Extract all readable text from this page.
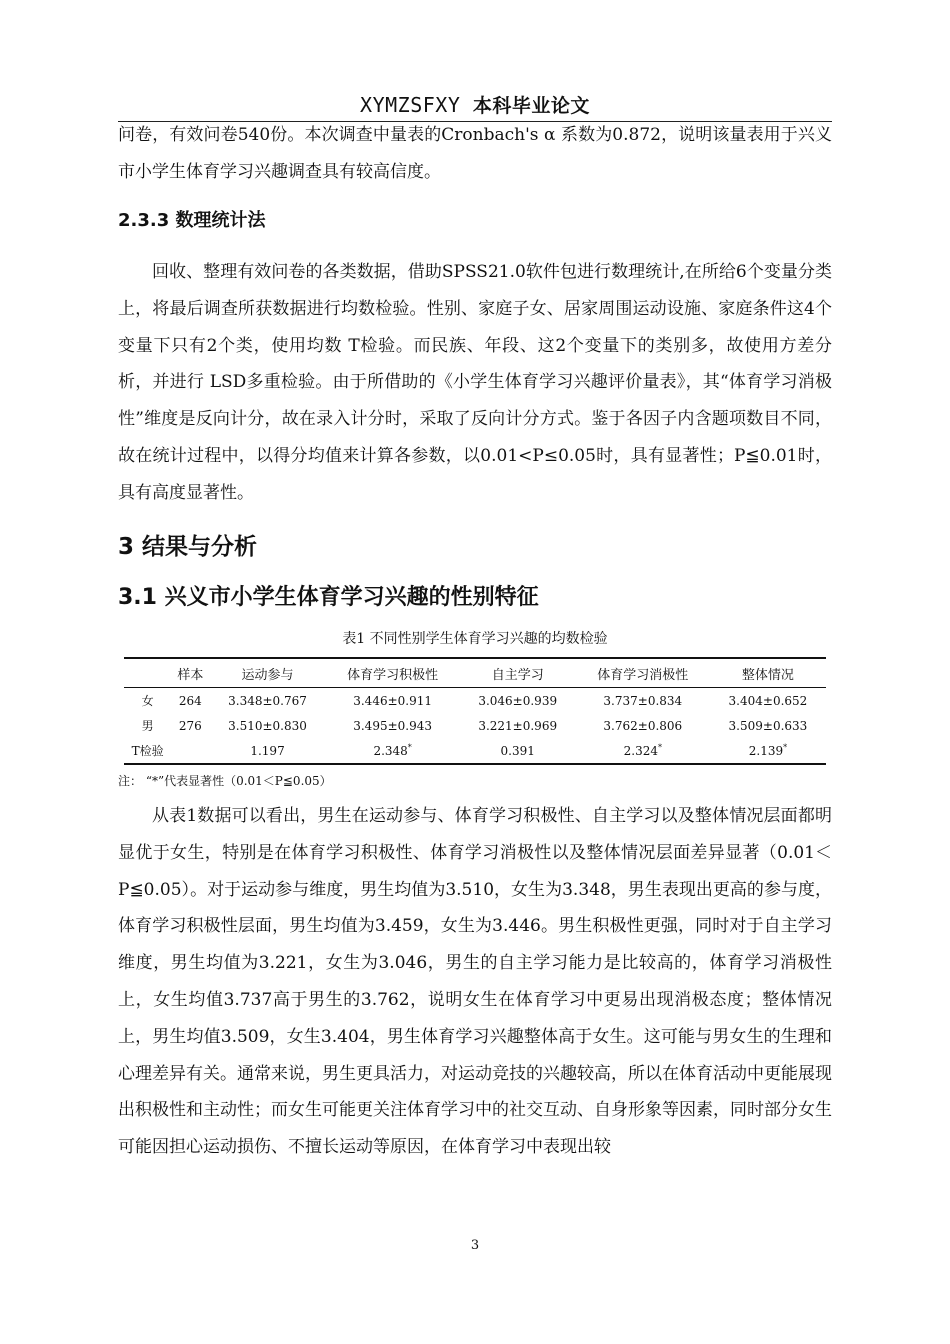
XYMZSFXY 本科毕业论文

问卷，有效问卷540份。本次调查中量表的Cronbach's α 系数为0.872，说明该量表用于兴义市小学生体育学习兴趣调查具有较高信度。

2.3.3 数理统计法

回收、整理有效问卷的各类数据，借助SPSS21.0软件包进行数理统计,在所给6个变量分类上，将最后调查所获数据进行均数检验。性别、家庭子女、居家周围运动设施、家庭条件这4个变量下只有2个类，使用均数 T检验。而民族、年段、这2个变量下的类别多，故使用方差分析，并进行 LSD多重检验。由于所借助的《小学生体育学习兴趣评价量表》，其“体育学习消极性”维度是反向计分，故在录入计分时，采取了反向计分方式。鉴于各因子内含题项数目不同，故在统计过程中，以得分均值来计算各参数，以0.01<P≤0.05时，具有显著性；P≦0.01时，具有高度显著性。

3 结果与分析
3.1 兴义市小学生体育学习兴趣的性别特征

表1 不同性别学生体育学习兴趣的均数检验

	样本	运动参与	体育学习积极性	自主学习	体育学习消极性	整体情况
女	264	3.348±0.767	3.446±0.911	3.046±0.939	3.737±0.834	3.404±0.652
男	276	3.510±0.830	3.495±0.943	3.221±0.969	3.762±0.806	3.509±0.633
T检验		1.197	2.348*	0.391	2.324*	2.139*

注： “*”代表显著性（0.01＜P≦0.05）

从表1数据可以看出，男生在运动参与、体育学习积极性、自主学习以及整体情况层面都明显优于女生，特别是在体育学习积极性、体育学习消极性以及整体情况层面差异显著（0.01＜P≦0.05）。对于运动参与维度，男生均值为3.510，女生为3.348，男生表现出更高的参与度，体育学习积极性层面，男生均值为3.459，女生为3.446。男生积极性更强，同时对于自主学习维度，男生均值为3.221，女生为3.046，男生的自主学习能力是比较高的，体育学习消极性上，女生均值3.737高于男生的3.762，说明女生在体育学习中更易出现消极态度；整体情况上，男生均值3.509，女生3.404，男生体育学习兴趣整体高于女生。这可能与男女生的生理和心理差异有关。通常来说，男生更具活力，对运动竞技的兴趣较高，所以在体育活动中更能展现出积极性和主动性；而女生可能更关注体育学习中的社交互动、自身形象等因素，同时部分女生可能因担心运动损伤、不擅长运动等原因，在体育学习中表现出较

3
